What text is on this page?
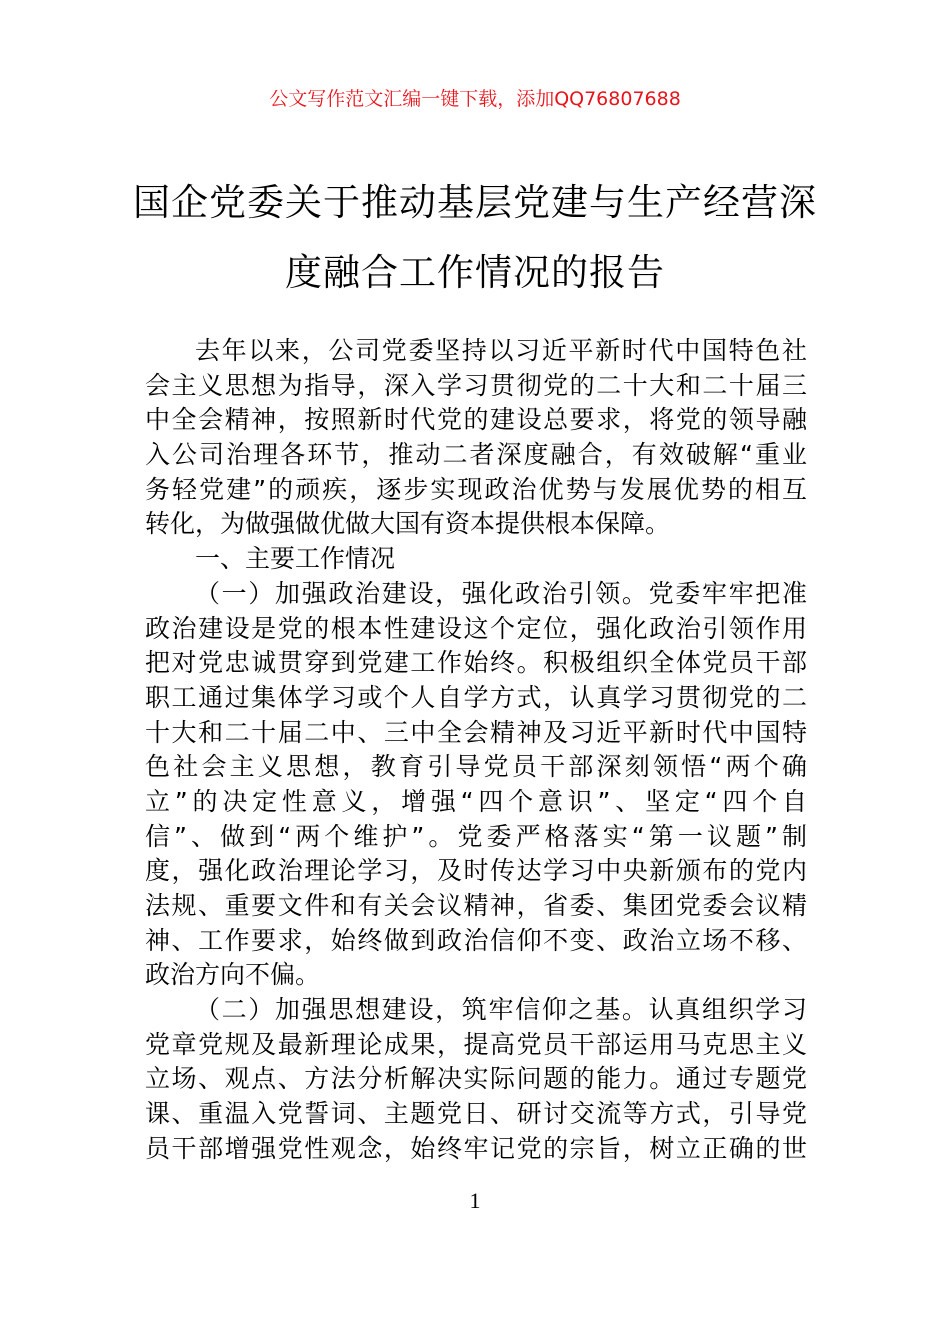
公文写作范文汇编一键下载，添加QQ76807688
国企党委关于推动基层党建与生产经营深
度融合工作情况的报告
去年以来，公司党委坚持以习近平新时代中国特色社
会主义思想为指导，深入学习贯彻党的二十大和二十届三
中全会精神，按照新时代党的建设总要求，将党的领导融
入公司治理各环节，推动二者深度融合，有效破解“重业
务轻党建”的顽疾，逐步实现政治优势与发展优势的相互
转化，为做强做优做大国有资本提供根本保障。
一、主要工作情况
（一）加强政治建设，强化政治引领。党委牢牢把准
政治建设是党的根本性建设这个定位，强化政治引领作用
把对党忠诚贯穿到党建工作始终。积极组织全体党员干部
职工通过集体学习或个人自学方式，认真学习贯彻党的二
十大和二十届二中、三中全会精神及习近平新时代中国特
色社会主义思想，教育引导党员干部深刻领悟“两个确
立”的决定性意义，增强“四个意识”、坚定“四个自
信”、做到“两个维护”。党委严格落实“第一议题”制
度，强化政治理论学习，及时传达学习中央新颁布的党内
法规、重要文件和有关会议精神，省委、集团党委会议精
神、工作要求，始终做到政治信仰不变、政治立场不移、
政治方向不偏。
（二）加强思想建设，筑牢信仰之基。认真组织学习
党章党规及最新理论成果，提高党员干部运用马克思主义
立场、观点、方法分析解决实际问题的能力。通过专题党
课、重温入党誓词、主题党日、研讨交流等方式，引导党
员干部增强党性观念，始终牢记党的宗旨，树立正确的世
1
